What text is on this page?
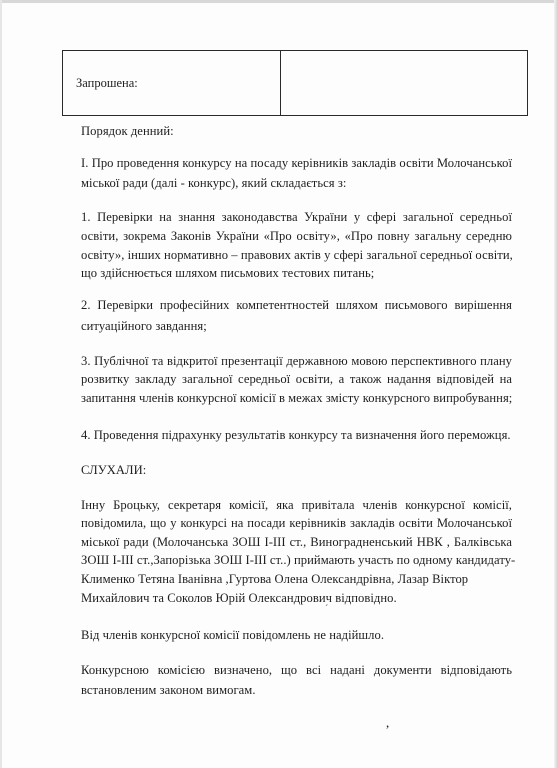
Запрошена:
Порядок денний:
І. Про проведення конкурсу на посаду керівників закладів освіти Молочанської
міської ради (далі - конкурс), який складається з:
1. Перевірки на знання законодавства України у сфері загальної середньої
освіти, зокрема Законів України «Про освіту», «Про повну загальну середню
освіту», інших нормативно – правових актів у сфері загальної середньої освіти,
що здійснюється шляхом письмових тестових питань;
2. Перевірки професійних компетентностей шляхом письмового вирішення
ситуаційного завдання;
3. Публічної та відкритої презентації державною мовою перспективного плану
розвитку закладу загальної середньої освіти, а також надання відповідей на
запитання членів конкурсної комісії в межах змісту конкурсного випробування;
4. Проведення підрахунку результатів конкурсу та визначення його переможця.
СЛУХАЛИ:
Інну Броцьку, секретаря комісії, яка привітала членів конкурсної комісії,
повідомила, що у конкурсі на посади керівників закладів освіти Молочанської
міської ради (Молочанська ЗОШ І-ІІІ ст., Виноградненський НВК , Балківська
ЗОШ І-ІІІ ст.,Запорізька ЗОШ І-ІІІ ст..) приймають участь по одному кандидату-
Клименко Тетяна Іванівна ,Гуртова Олена Олександрівна, Лазар Віктор
Михайлович та Соколов Юрій Олександрович відповідно.
ˊ
Від членів конкурсної комісії повідомлень не надійшло.
Конкурсною комісією визначено, що всі надані документи відповідають
встановленим законом вимогам.
,
